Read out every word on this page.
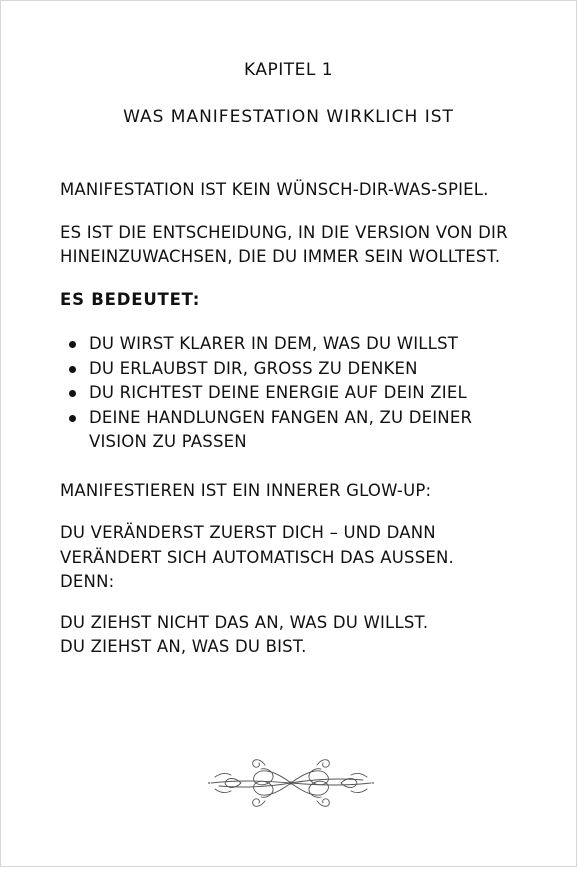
KAPITEL 1
WAS MANIFESTATION WIRKLICH IST

MANIFESTATION IST KEIN WÜNSCH-DIR-WAS-SPIEL.

ES IST DIE ENTSCHEIDUNG, IN DIE VERSION VON DIR HINEINZUWACHSEN, DIE DU IMMER SEIN WOLLTEST.

ES BEDEUTET:
DU WIRST KLARER IN DEM, WAS DU WILLST
DU ERLAUBST DIR, GROSS ZU DENKEN
DU RICHTEST DEINE ENERGIE AUF DEIN ZIEL
DEINE HANDLUNGEN FANGEN AN, ZU DEINER VISION ZU PASSEN

MANIFESTIEREN IST EIN INNERER GLOW-UP:

DU VERÄNDERST ZUERST DICH – UND DANN VERÄNDERT SICH AUTOMATISCH DAS AUSSEN.
DENN:

DU ZIEHST NICHT DAS AN, WAS DU WILLST.
DU ZIEHST AN, WAS DU BIST.
